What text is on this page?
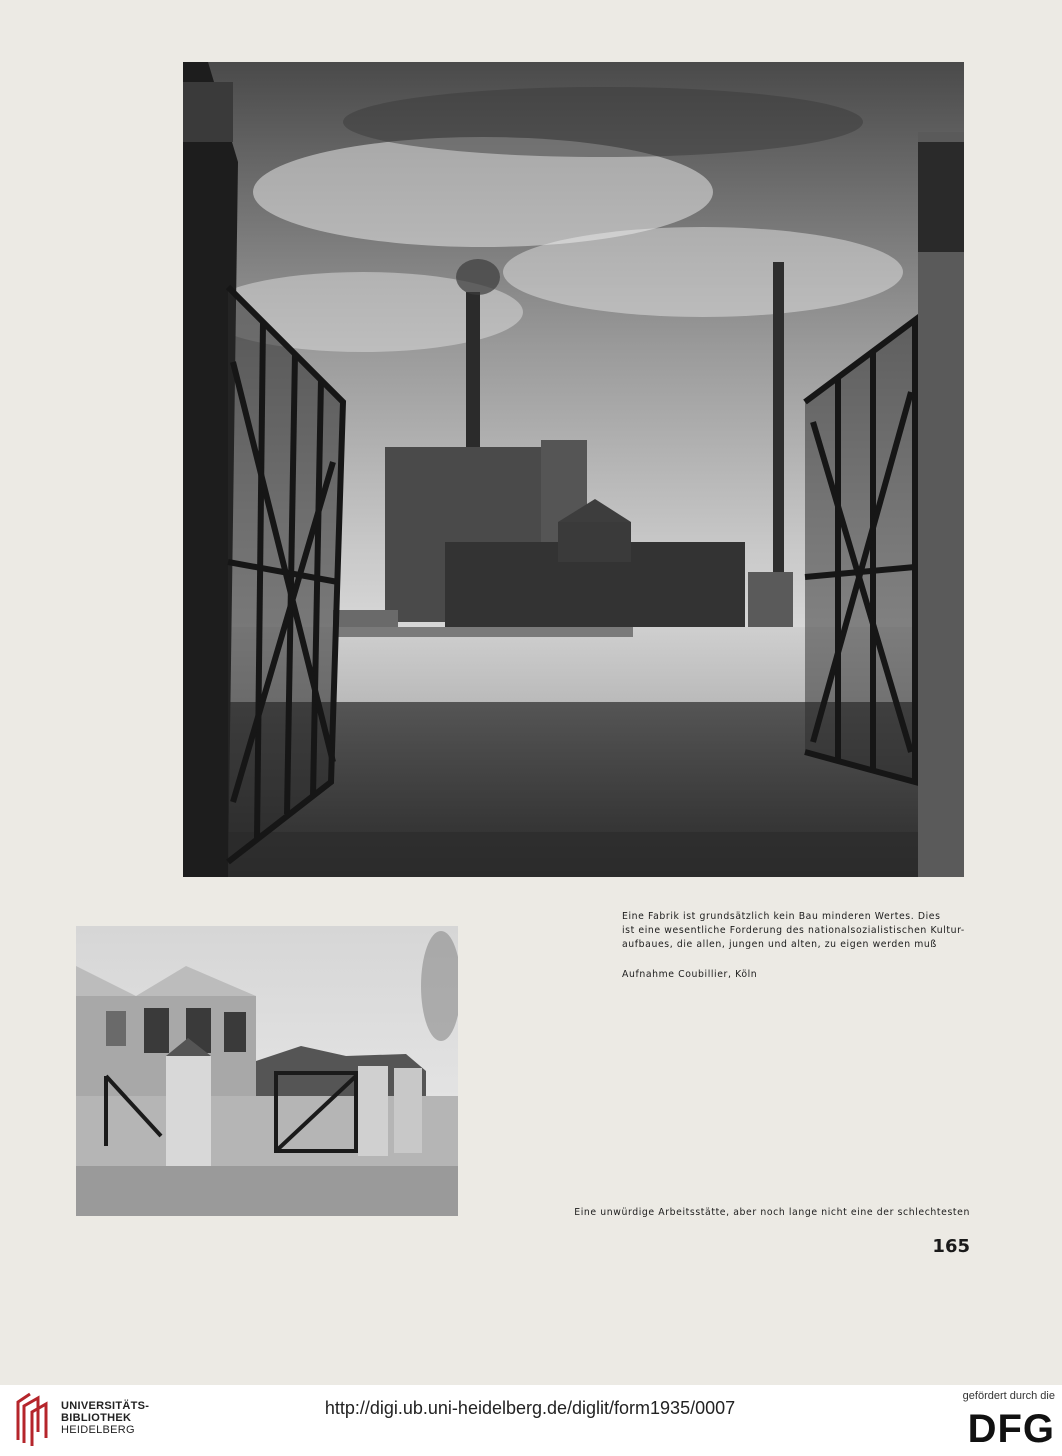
Eine Fabrik ist grundsätzlich kein Bau minderen Wertes. Dies
ist eine wesentliche Forderung des nationalsozialistischen Kultur-
aufbaues, die allen, jungen und alten, zu eigen werden muß
Aufnahme Coubillier, Köln
Eine unwürdige Arbeitsstätte, aber noch lange nicht eine der schlechtesten
165
UNIVERSITÄTS-
BIBLIOTHEK
HEIDELBERG
http://digi.ub.uni-heidelberg.de/diglit/form1935/0007
gefördert durch die
DFG
